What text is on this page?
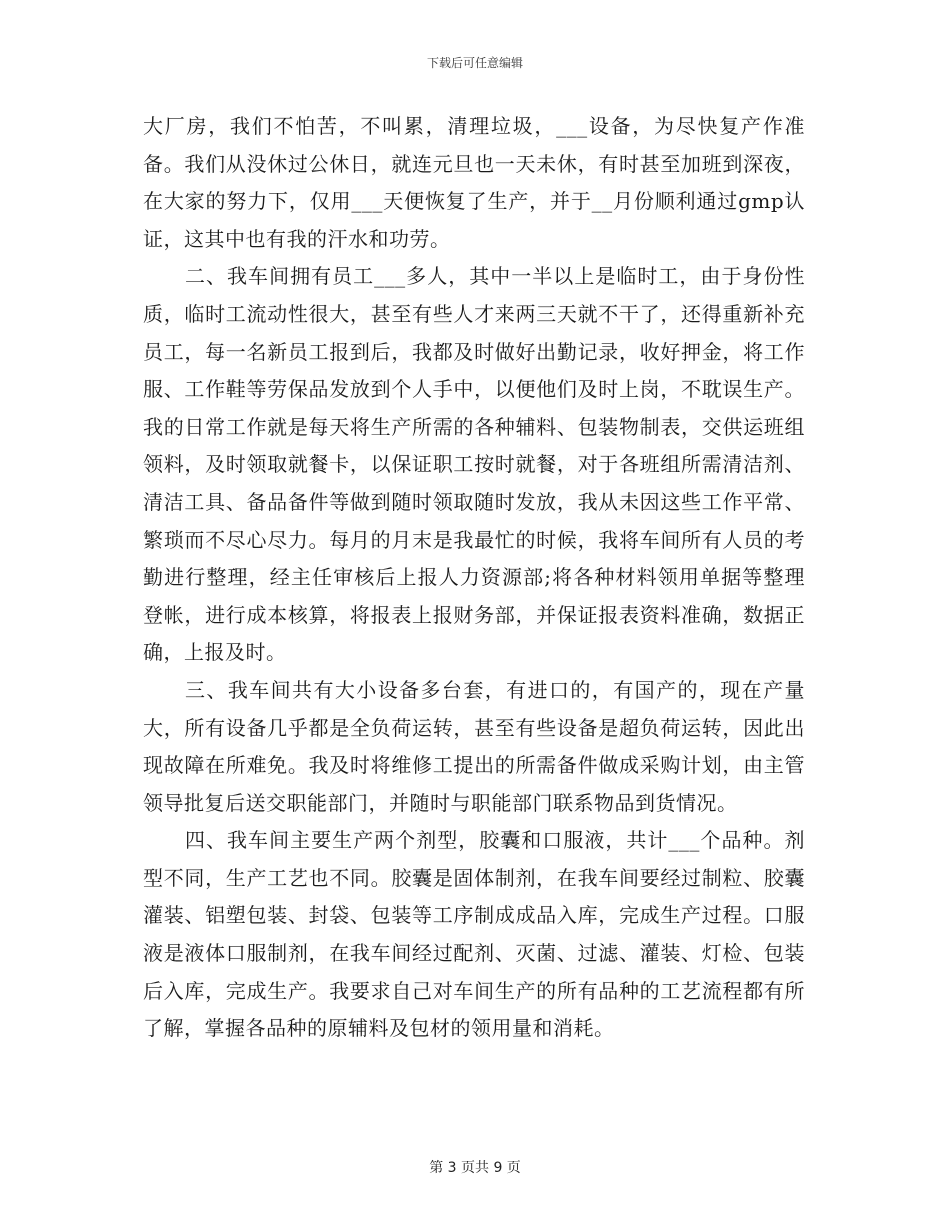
下载后可任意编辑

大厂房，我们不怕苦，不叫累，清理垃圾，___设备，为尽快复产作准备。我们从没休过公休日，就连元旦也一天未休，有时甚至加班到深夜，在大家的努力下，仅用___天便恢复了生产，并于__月份顺利通过gmp认证，这其中也有我的汗水和功劳。

二、我车间拥有员工___多人，其中一半以上是临时工，由于身份性质，临时工流动性很大，甚至有些人才来两三天就不干了，还得重新补充员工，每一名新员工报到后，我都及时做好出勤记录，收好押金，将工作服、工作鞋等劳保品发放到个人手中，以便他们及时上岗，不耽误生产。我的日常工作就是每天将生产所需的各种辅料、包装物制表，交供运班组领料，及时领取就餐卡，以保证职工按时就餐，对于各班组所需清洁剂、清洁工具、备品备件等做到随时领取随时发放，我从未因这些工作平常、繁琐而不尽心尽力。每月的月末是我最忙的时候，我将车间所有人员的考勤进行整理，经主任审核后上报人力资源部;将各种材料领用单据等整理登帐，进行成本核算，将报表上报财务部，并保证报表资料准确，数据正确，上报及时。

三、我车间共有大小设备多台套，有进口的，有国产的，现在产量大，所有设备几乎都是全负荷运转，甚至有些设备是超负荷运转，因此出现故障在所难免。我及时将维修工提出的所需备件做成采购计划，由主管领导批复后送交职能部门，并随时与职能部门联系物品到货情况。

四、我车间主要生产两个剂型，胶囊和口服液，共计___个品种。剂型不同，生产工艺也不同。胶囊是固体制剂，在我车间要经过制粒、胶囊灌装、铝塑包装、封袋、包装等工序制成成品入库，完成生产过程。口服液是液体口服制剂，在我车间经过配剂、灭菌、过滤、灌装、灯检、包装后入库，完成生产。我要求自己对车间生产的所有品种的工艺流程都有所了解，掌握各品种的原辅料及包材的领用量和消耗。

第 3 页共 9 页
